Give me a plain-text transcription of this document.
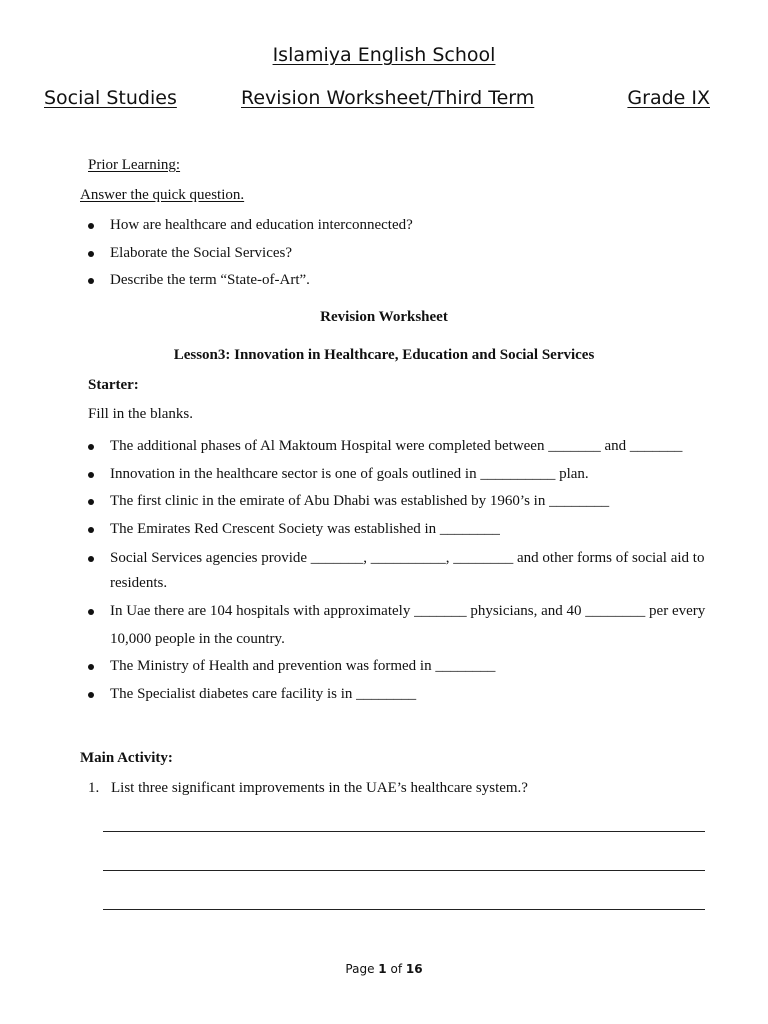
Islamiya English School
Social Studies	Revision Worksheet/Third Term	Grade IX
Prior Learning:
Answer the quick question.
How are healthcare and education interconnected?
Elaborate the Social Services?
Describe the term “State-of-Art”.
Revision Worksheet
Lesson3: Innovation in Healthcare, Education and Social Services
Starter:
Fill in the blanks.
The additional phases of Al Maktoum Hospital were completed between _______ and _______
Innovation in the healthcare sector is one of goals outlined in __________ plan.
The first clinic in the emirate of Abu Dhabi was established by 1960’s in ________
The Emirates Red Crescent Society was established in ________
Social Services agencies provide _______, __________, ________ and other forms of social aid to
residents.
In Uae there are 104 hospitals with approximately _______ physicians, and 40 ________ per every
10,000 people in the country.
The Ministry of Health and prevention was formed in ________
The Specialist diabetes care facility is in ________
Main Activity:
1. List three significant improvements in the UAE’s healthcare system.?
Page 1 of 16
